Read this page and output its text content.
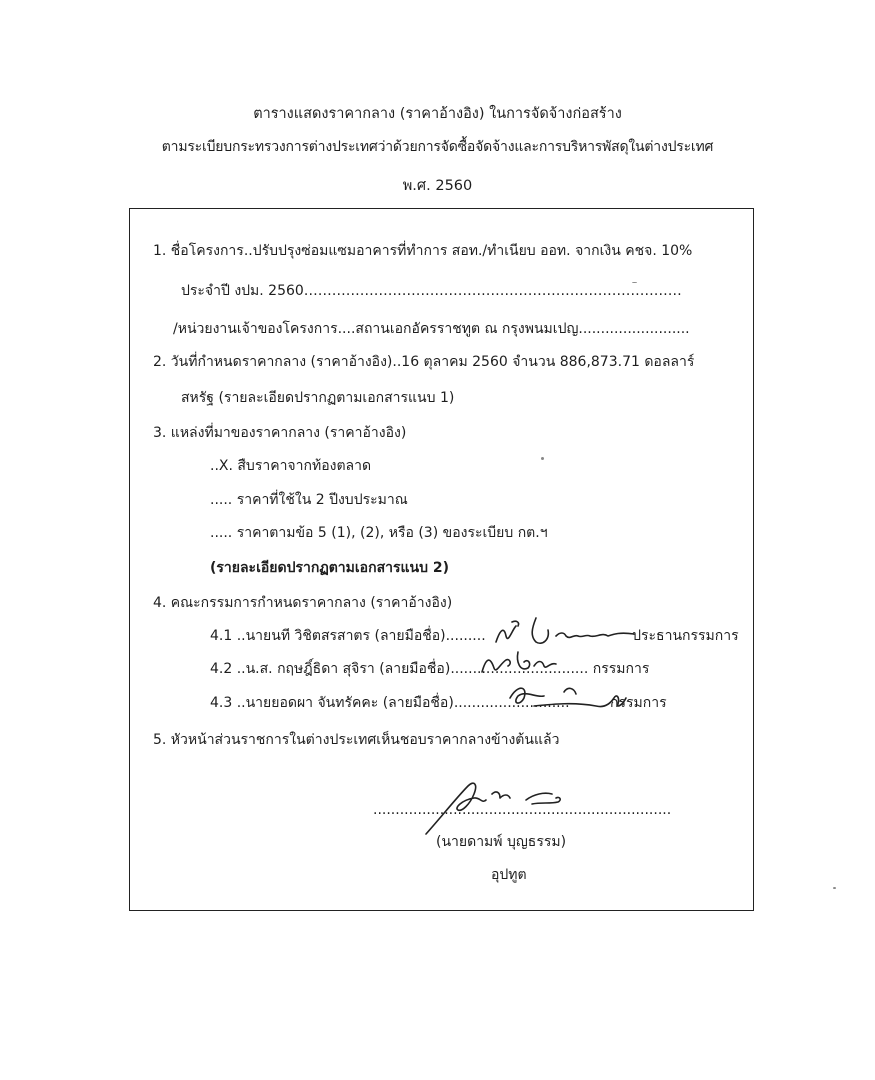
ตารางแสดงราคากลาง (ราคาอ้างอิง) ในการจัดจ้างก่อสร้าง
ตามระเบียบกระทรวงการต่างประเทศว่าด้วยการจัดซื้อจัดจ้างและการบริหารพัสดุในต่างประเทศ
พ.ศ. 2560
1. ชื่อโครงการ..ปรับปรุงซ่อมแซมอาคารที่ทำการ สอท./ทำเนียบ ออท. จากเงิน คชจ. 10%
ประจำปี งปม. 2560………………………………………………………………………
/หน่วยงานเจ้าของโครงการ....สถานเอกอัครราชทูต ณ กรุงพนมเปญ.........................
2. วันที่กำหนดราคากลาง (ราคาอ้างอิง)..16 ตุลาคม 2560 จำนวน 886,873.71 ดอลลาร์
สหรัฐ (รายละเอียดปรากฏตามเอกสารแนบ 1)
3. แหล่งที่มาของราคากลาง (ราคาอ้างอิง)
..X. สืบราคาจากท้องตลาด
..... ราคาที่ใช้ใน 2 ปีงบประมาณ
..... ราคาตามข้อ 5 (1), (2), หรือ (3) ของระเบียบ กต.ฯ
(รายละเอียดปรากฏตามเอกสารแนบ 2)
4. คณะกรรมการกำหนดราคากลาง (ราคาอ้างอิง)
4.1 ..นายนที วิชิตสรสาตร (ลายมือชื่อ).........	ประธานกรรมการ
4.2 ..น.ส. กฤษฎิ์ธิดา สุจิรา (ลายมือชื่อ)............................... กรรมการ
4.3 ..นายยอดผา จันทรัคคะ (ลายมือชื่อ)..........................	กรรมการ
5. หัวหน้าส่วนราชการในต่างประเทศเห็นชอบราคากลางข้างต้นแล้ว
...................................................................
(นายดามพ์ บุญธรรม)
อุปทูต
